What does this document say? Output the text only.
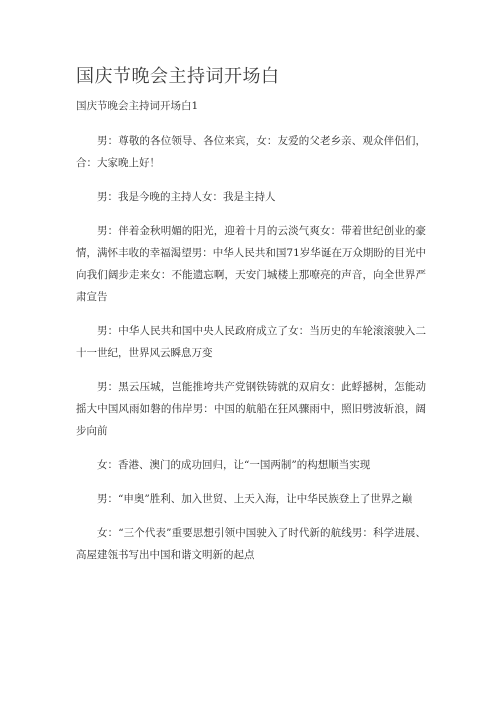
国庆节晚会主持词开场白

国庆节晚会主持词开场白1

男：尊敬的各位领导、各位来宾，女：友爱的父老乡亲、观众伴侣们，合：大家晚上好！

男：我是今晚的主持人女：我是主持人

男：伴着金秋明媚的阳光，迎着十月的云淡气爽女：带着世纪创业的豪情，满怀丰收的幸福渴望男：中华人民共和国71岁华诞在万众期盼的目光中向我们阔步走来女：不能遗忘啊，天安门城楼上那嘹亮的声音，向全世界严肃宣告

男：中华人民共和国中央人民政府成立了女：当历史的车轮滚滚驶入二十一世纪，世界风云瞬息万变

男：黑云压城，岂能推垮共产党钢铁铸就的双肩女：此蜉撼树，怎能动摇大中国风雨如磐的伟岸男：中国的航船在狂风骤雨中，照旧劈波斩浪，阔步向前

女：香港、澳门的成功回归，让“一国两制”的构想顺当实现

男：“申奥”胜利、加入世贸、上天入海，让中华民族登上了世界之巅

女：“三个代表”重要思想引领中国驶入了时代新的航线男：科学进展、高屋建瓴书写出中国和谐文明新的起点
